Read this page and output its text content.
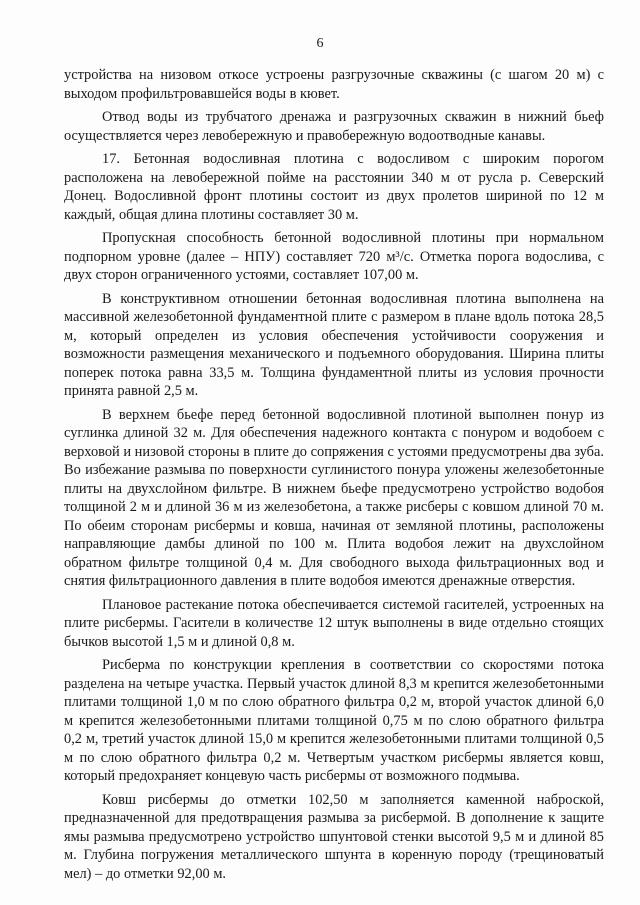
6

устройства на низовом откосе устроены разгрузочные скважины (с шагом 20 м) с выходом профильтровавшейся воды в кювет.

Отвод воды из трубчатого дренажа и разгрузочных скважин в нижний бьеф осуществляется через левобережную и правобережную водоотводные канавы.

17. Бетонная водосливная плотина с водосливом с широким порогом расположена на левобережной пойме на расстоянии 340 м от русла р. Северский Донец. Водосливной фронт плотины состоит из двух пролетов шириной по 12 м каждый, общая длина плотины составляет 30 м.

Пропускная способность бетонной водосливной плотины при нормальном подпорном уровне (далее – НПУ) составляет 720 м³/с. Отметка порога водослива, с двух сторон ограниченного устоями, составляет 107,00 м.

В конструктивном отношении бетонная водосливная плотина выполнена на массивной железобетонной фундаментной плите с размером в плане вдоль потока 28,5 м, который определен из условия обеспечения устойчивости сооружения и возможности размещения механического и подъемного оборудования. Ширина плиты поперек потока равна 33,5 м. Толщина фундаментной плиты из условия прочности принята равной 2,5 м.

В верхнем бьефе перед бетонной водосливной плотиной выполнен понур из суглинка длиной 32 м. Для обеспечения надежного контакта с понуром и водобоем с верховой и низовой стороны в плите до сопряжения с устоями предусмотрены два зуба. Во избежание размыва по поверхности суглинистого понура уложены железобетонные плиты на двухслойном фильтре. В нижнем бьефе предусмотрено устройство водобоя толщиной 2 м и длиной 36 м из железобетона, а также рисберы с ковшом длиной 70 м. По обеим сторонам рисбермы и ковша, начиная от земляной плотины, расположены направляющие дамбы длиной по 100 м. Плита водобоя лежит на двухслойном обратном фильтре толщиной 0,4 м. Для свободного выхода фильтрационных вод и снятия фильтрационного давления в плите водобоя имеются дренажные отверстия.

Плановое растекание потока обеспечивается системой гасителей, устроенных на плите рисбермы. Гасители в количестве 12 штук выполнены в виде отдельно стоящих бычков высотой 1,5 м и длиной 0,8 м.

Рисберма по конструкции крепления в соответствии со скоростями потока разделена на четыре участка. Первый участок длиной 8,3 м крепится железобетонными плитами толщиной 1,0 м по слою обратного фильтра 0,2 м, второй участок длиной 6,0 м крепится железобетонными плитами толщиной 0,75 м по слою обратного фильтра 0,2 м, третий участок длиной 15,0 м крепится железобетонными плитами толщиной 0,5 м по слою обратного фильтра 0,2 м. Четвертым участком рисбермы является ковш, который предохраняет концевую часть рисбермы от возможного подмыва.

Ковш рисбермы до отметки 102,50 м заполняется каменной наброской, предназначенной для предотвращения размыва за рисбермой. В дополнение к защите ямы размыва предусмотрено устройство шпунтовой стенки высотой 9,5 м и длиной 85 м. Глубина погружения металлического шпунта в коренную породу (трещиноватый мел) – до отметки 92,00 м.
